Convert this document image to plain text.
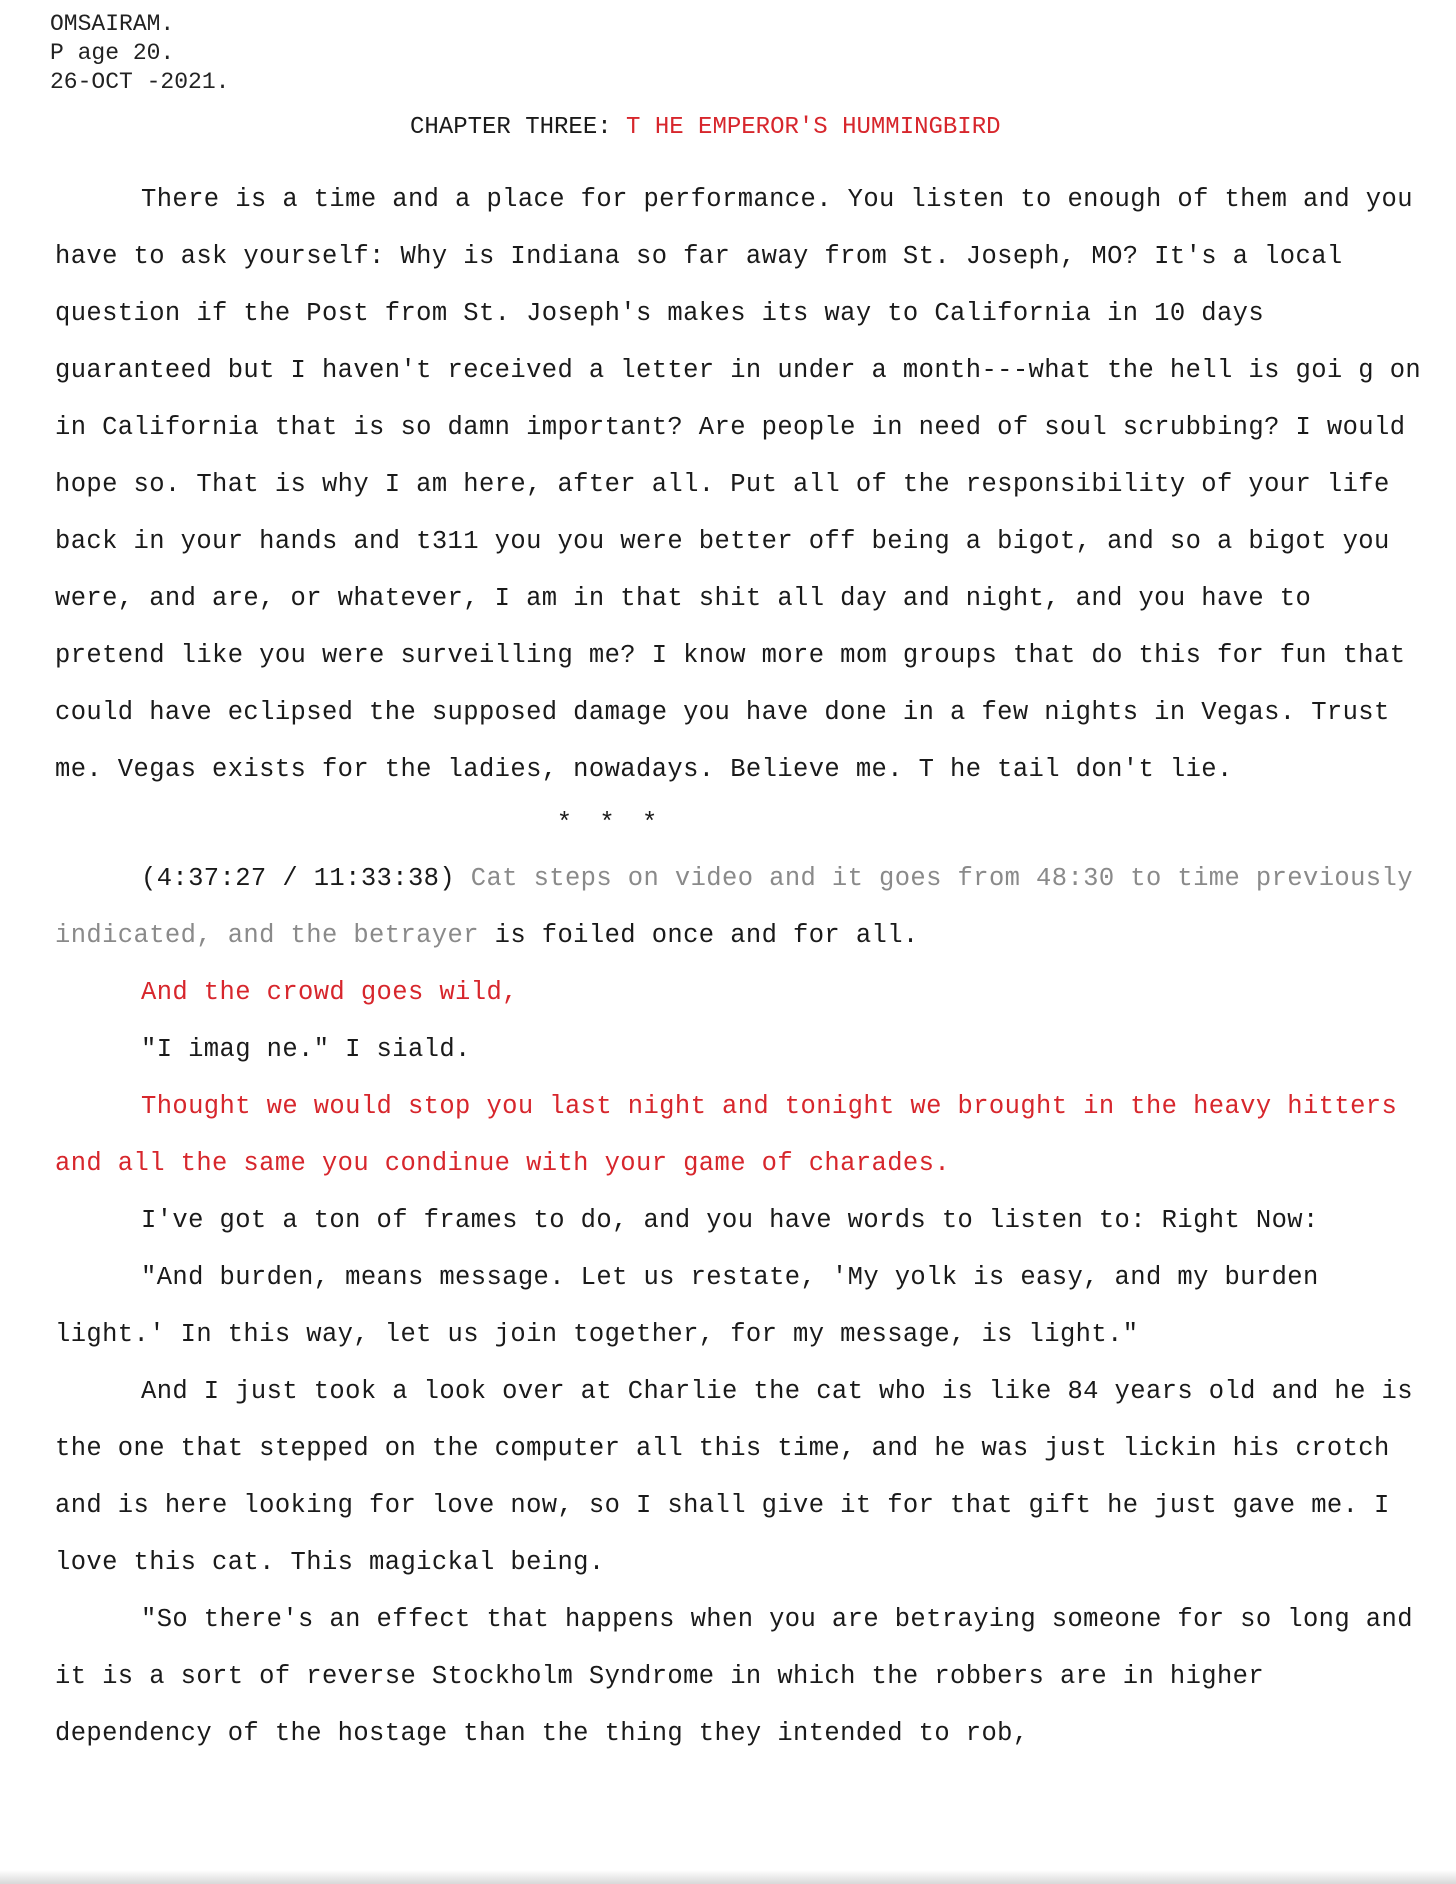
OMSAIRAM.
P age 20.
26-OCT -2021.
CHAPTER THREE: T HE EMPEROR'S HUMMINGBIRD

There is a time and a place for performance. You listen to enough of them and you have to ask yourself: Why is Indiana so far away from St. Joseph, MO? It's a local question if the Post from St. Joseph's makes its way to California in 10 days guaranteed but I haven't received a letter in under a month---what the hell is goi g on in California that is so damn important? Are people in need of soul scrubbing? I would hope so. That is why I am here, after all. Put all of the responsibility of your life back in your hands and t311 you you were better off being a bigot, and so a bigot you were, and are, or whatever, I am in that shit all day and night, and you have to pretend like you were surveilling me? I know more mom groups that do this for fun that could have eclipsed the supposed damage you have done in a few nights in Vegas. Trust me. Vegas exists for the ladies, nowadays. Believe me. T he tail don't lie.

* * *

(4:37:27 / 11:33:38) Cat steps on video and it goes from 48:30 to time previously indicated, and the betrayer is foiled once and for all.

And the crowd goes wild,

"I imag ne." I siald.

Thought we would stop you last night and tonight we brought in the heavy hitters and all the same you condinue with your game of charades.

I've got a ton of frames to do, and you have words to listen to: Right Now:

"And burden, means message. Let us restate, 'My yolk is easy, and my burden light.' In this way, let us join together, for my message, is light."

And I just took a look over at Charlie the cat who is like 84 years old and he is the one that stepped on the computer all this time, and he was just lickin his crotch and is here looking for love now, so I shall give it for that gift he just gave me. I love this cat. This magickal being.

"So there's an effect that happens when you are betraying someone for so long and it is a sort of reverse Stockholm Syndrome in which the robbers are in higher dependency of the hostage than the thing they intended to rob,
